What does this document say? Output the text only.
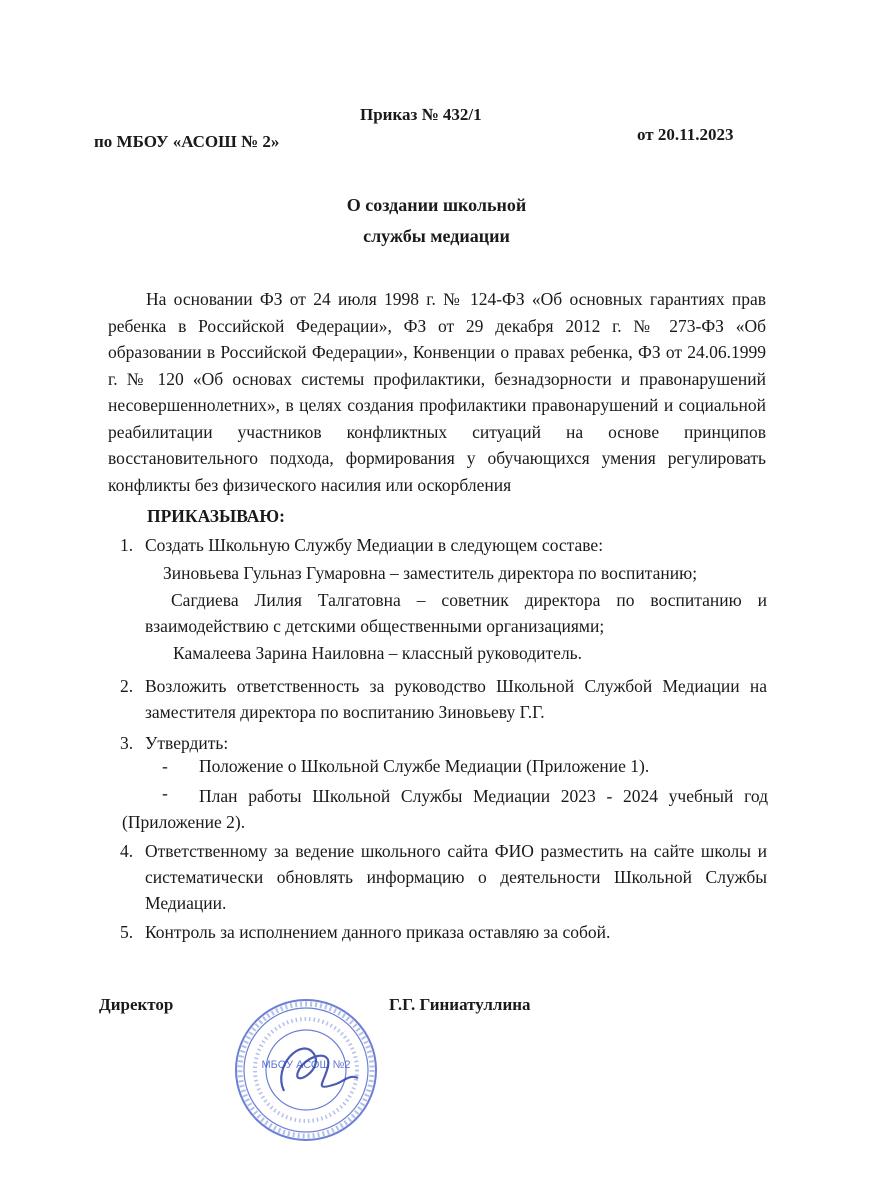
Приказ № 432/1
по МБОУ «АСОШ № 2»	от 20.11.2023
О создании школьной
службы медиации

На основании ФЗ от 24 июля 1998 г. № 124-ФЗ «Об основных гарантиях прав ребенка в Российской Федерации», ФЗ от 29 декабря 2012 г. № 273-ФЗ «Об образовании в Российской Федерации», Конвенции о правах ребенка, ФЗ от 24.06.1999 г. № 120 «Об основах системы профилактики, безнадзорности и правонарушений несовершеннолетних», в целях создания профилактики правонарушений и социальной реабилитации участников конфликтных ситуаций на основе принципов восстановительного подхода, формирования у обучающихся умения регулировать конфликты без физического насилия или оскорбления

ПРИКАЗЫВАЮ:
1. Создать Школьную Службу Медиации в следующем составе:
Зиновьева Гульназ Гумаровна – заместитель директора по воспитанию;
Сагдиева Лилия Талгатовна – советник директора по воспитанию и взаимодействию с детскими общественными организациями;
Камалеева Зарина Наиловна – классный руководитель.
2. Возложить ответственность за руководство Школьной Службой Медиации на заместителя директора по воспитанию Зиновьеву Г.Г.
3. Утвердить:
- Положение о Школьной Службе Медиации (Приложение 1).
-	План работы Школьной Службы Медиации 2023 - 2024 учебный год (Приложение 2).
4. Ответственному за ведение школьного сайта ФИО разместить на сайте школы и систематически обновлять информацию о деятельности Школьной Службы Медиации.
5. Контроль за исполнением данного приказа оставляю за собой.
Директор	Г.Г. Гиниатуллина
МБОУ АСОШ №2
